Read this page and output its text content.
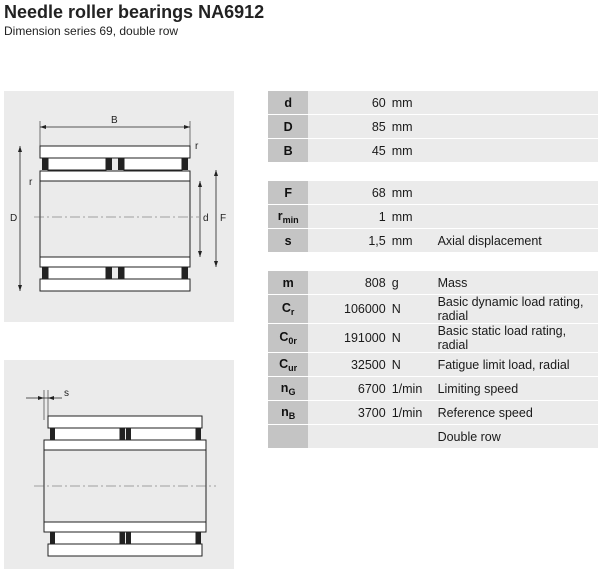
Needle roller bearings NA6912
Dimension series 69, double row
B
r
r
D	d F
s
d	60	mm	
D	85	mm	
B	45	mm	

F	68	mm	
$r_{min}$	1	mm	
s	1,5	mm	Axial displacement

m	808	g	Mass
$C_r$	106000	N	Basic dynamic load rating, radial
$C_{0r}$	191000	N	Basic static load rating, radial
$C_{ur}$	32500	N	Fatigue limit load, radial
$n_G$	6700	1/min	Limiting speed
$n_B$	3700	1/min	Reference speed
			Double row
